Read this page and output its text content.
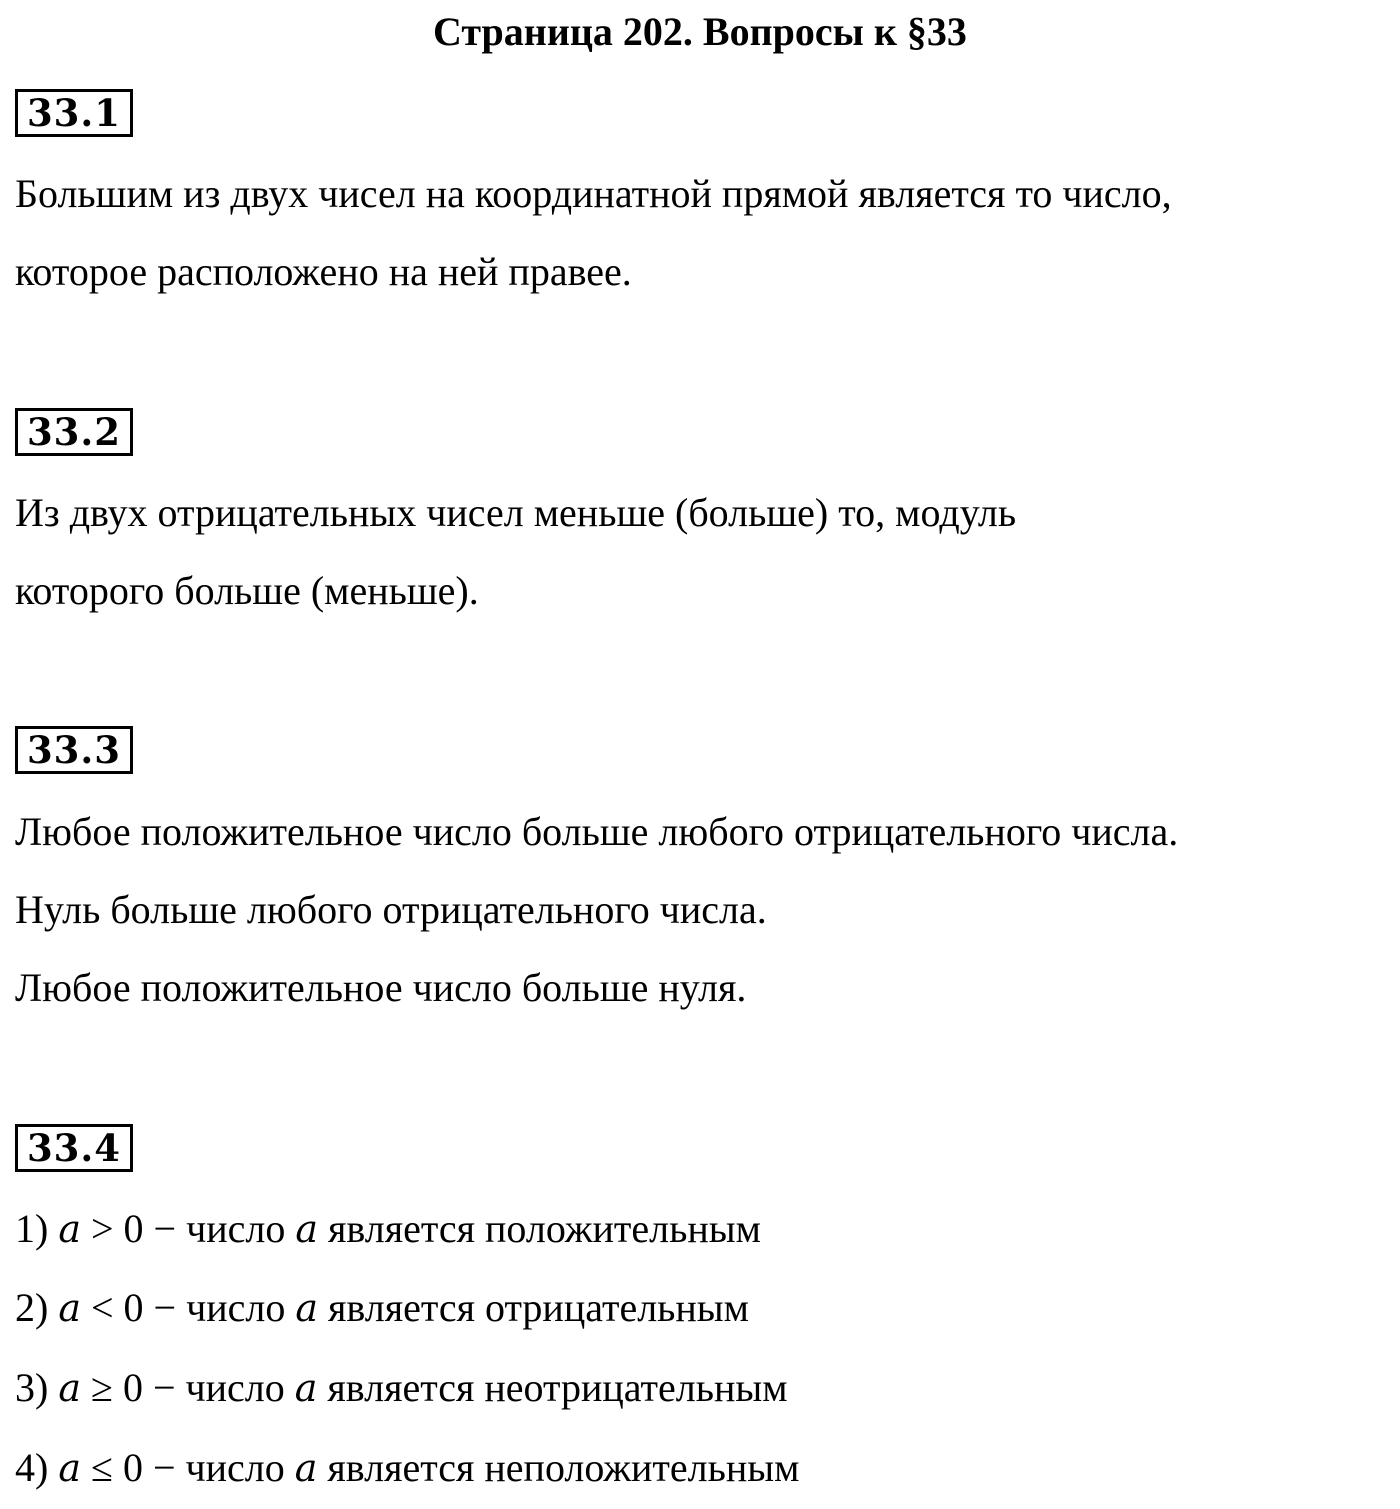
Страница 202. Вопросы к §33
33.1
Большим из двух чисел на координатной прямой является то число,
которое расположено на ней правее.
33.2
Из двух отрицательных чисел меньше (больше) то, модуль
которого больше (меньше).
33.3
Любое положительное число больше любого отрицательного числа.
Нуль больше любого отрицательного числа.
Любое положительное число больше нуля.
33.4
1) a > 0 − число a является положительным
2) a < 0 − число a является отрицательным
3) a ≥ 0 − число a является неотрицательным
4) a ≤ 0 − число a является неположительным
